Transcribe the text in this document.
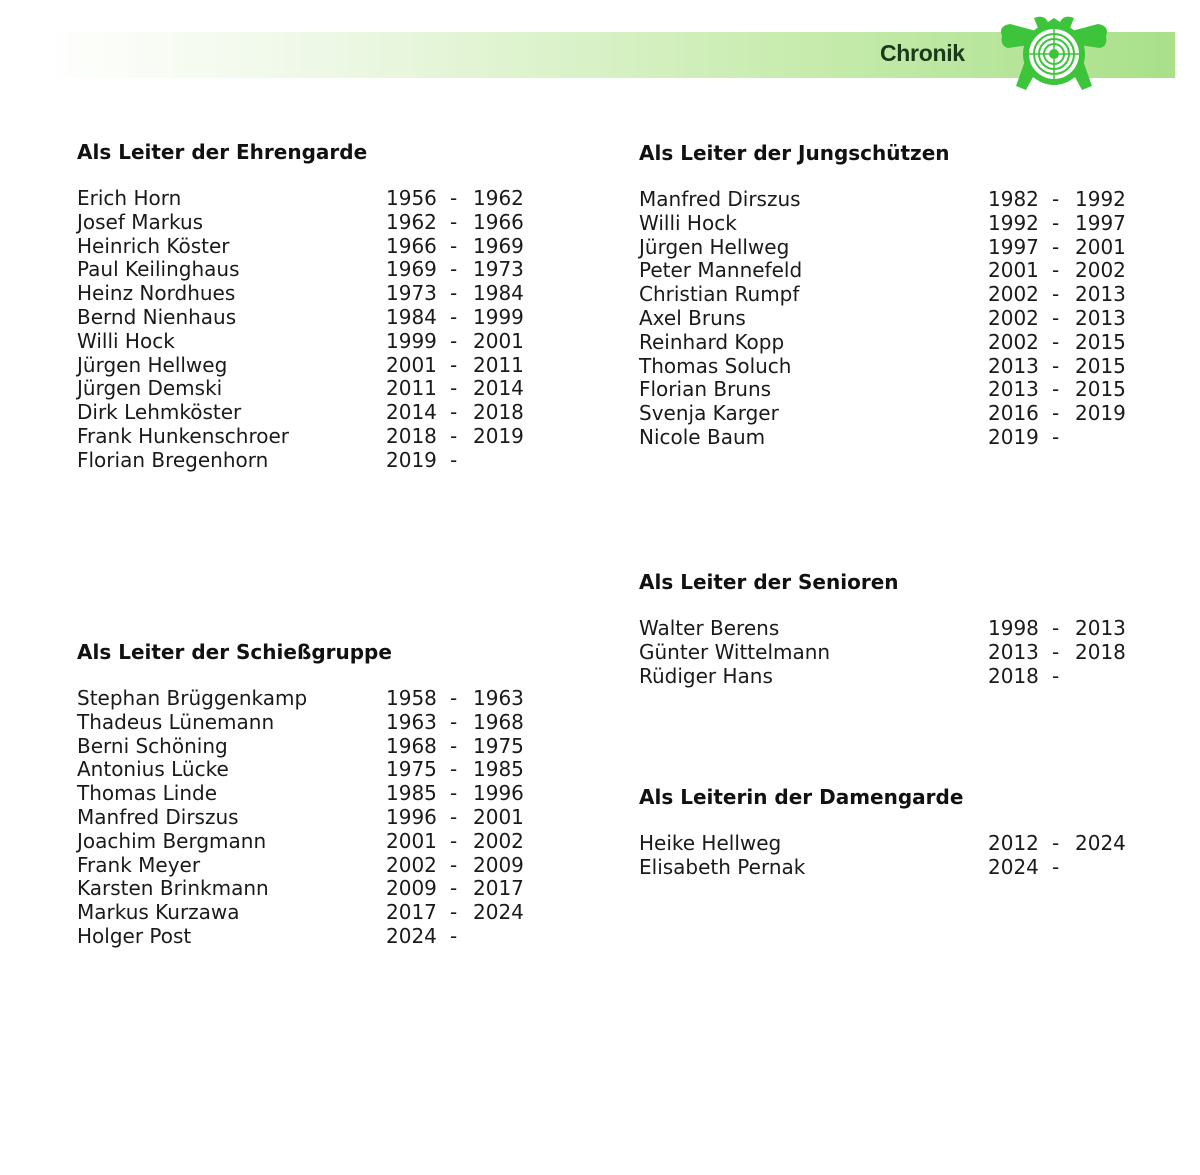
Chronik
Als Leiter der Ehrengarde
Erich Horn	1956 - 1962
Josef Markus	1962 - 1966
Heinrich Köster	1966 - 1969
Paul Keilinghaus	1969 - 1973
Heinz Nordhues	1973 - 1984
Bernd Nienhaus	1984 - 1999
Willi Hock	1999 - 2001
Jürgen Hellweg	2001 - 2011
Jürgen Demski	2011 - 2014
Dirk Lehmköster	2014 - 2018
Frank Hunkenschroer	2018 - 2019
Florian Bregenhorn	2019 -
Als Leiter der Jungschützen
Manfred Dirszus	1982 - 1992
Willi Hock	1992 - 1997
Jürgen Hellweg	1997 - 2001
Peter Mannefeld	2001 - 2002
Christian Rumpf	2002 - 2013
Axel Bruns	2002 - 2013
Reinhard Kopp	2002 - 2015
Thomas Soluch	2013 - 2015
Florian Bruns	2013 - 2015
Svenja Karger	2016 - 2019
Nicole Baum	2019 -
Als Leiter der Schießgruppe
Stephan Brüggenkamp	1958 - 1963
Thadeus Lünemann	1963 - 1968
Berni Schöning	1968 - 1975
Antonius Lücke	1975 - 1985
Thomas Linde	1985 - 1996
Manfred Dirszus	1996 - 2001
Joachim Bergmann	2001 - 2002
Frank Meyer	2002 - 2009
Karsten Brinkmann	2009 - 2017
Markus Kurzawa	2017 - 2024
Holger Post	2024 -
Als Leiter der Senioren
Walter Berens	1998 - 2013
Günter Wittelmann	2013 - 2018
Rüdiger Hans	2018 -
Als Leiterin der Damengarde
Heike Hellweg	2012 - 2024
Elisabeth Pernak	2024 -
